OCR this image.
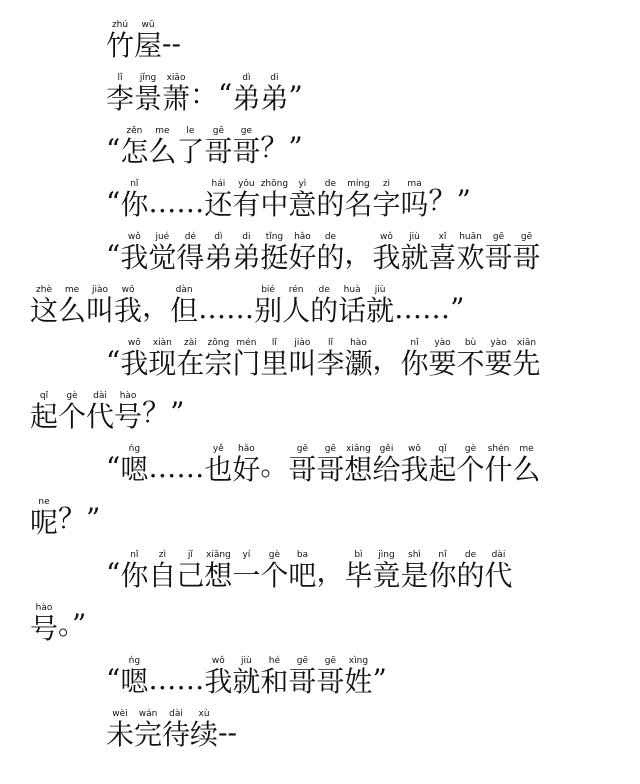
竹zhú
屋wū
--
李lǐ
景jǐng
萧xiāo ：“ 弟dì
弟di
”
“ 怎zěn
么me
了le
哥gē
哥ge ？”
“ 你nǐ
…… 还hái
有yǒu
中zhōng
意yì
的de
名míng
字zi
吗ma ？”
“ 我wǒ
觉jué
得dé
弟dì
弟di
挺tǐng
好hǎo
的de ， 我wǒ
就jiù
喜xǐ
欢huān
哥gē
哥gē
这zhè
么me
叫jiào
我wǒ ， 但dàn
…… 别bié
人rén
的de
话huà
就jiù
……”
“ 我wǒ
现xiàn
在zài
宗zōng
门mén
里lǐ
叫jiào
李lǐ
灏hào ， 你nǐ
要yào
不bù
要yào
先xiān
起qǐ
个gè
代dài
号hào ？”
“ 嗯ńg
…… 也yě
好hǎo 。 哥gē
哥gē
想xiǎng
给gěi
我wǒ
起qǐ
个gè
什shén
么me
呢ne ？”
“ 你nǐ
自zì
己jǐ
想xiǎng
一yí
个gè
吧ba ， 毕bì
竟jìng
是shì
你nǐ
的de
代dài
号hào 。”
“ 嗯ńg
…… 我wǒ
就jiù
和hé
哥gē
哥gē
姓xìng
”
未wèi
完wán
待dài
续xù
--
